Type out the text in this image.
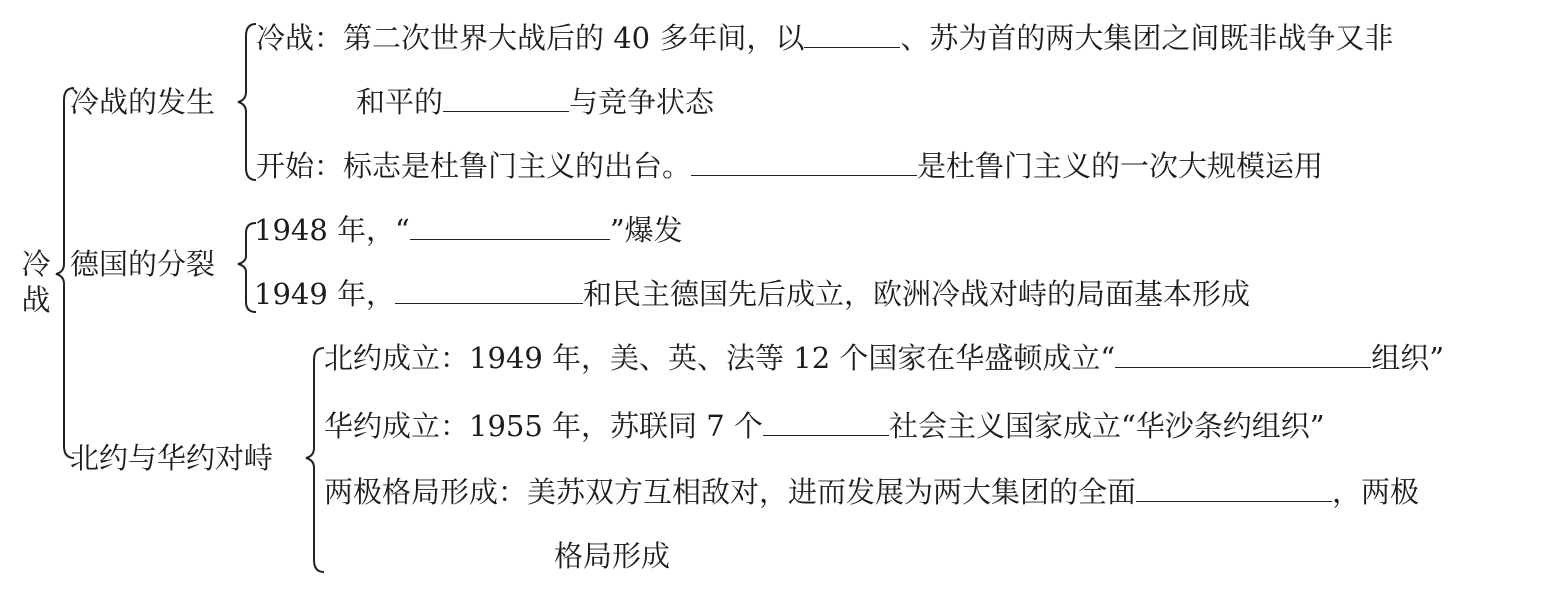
冷战
冷战的发生
德国的分裂
北约与华约对峙
冷战：第二次世界大战后的 40 多年间，以	、苏为首的两大集团之间既非战争又非
和平的	与竞争状态
开始：标志是杜鲁门主义的出台。	是杜鲁门主义的一次大规模运用
1948 年，“	”爆发
1949 年，	和民主德国先后成立，欧洲冷战对峙的局面基本形成
北约成立：1949 年，美、英、法等 12 个国家在华盛顿成立“	组织”
华约成立：1955 年，苏联同 7 个	社会主义国家成立“华沙条约组织”
两极格局形成：美苏双方互相敌对，进而发展为两大集团的全面	，两极
格局形成
